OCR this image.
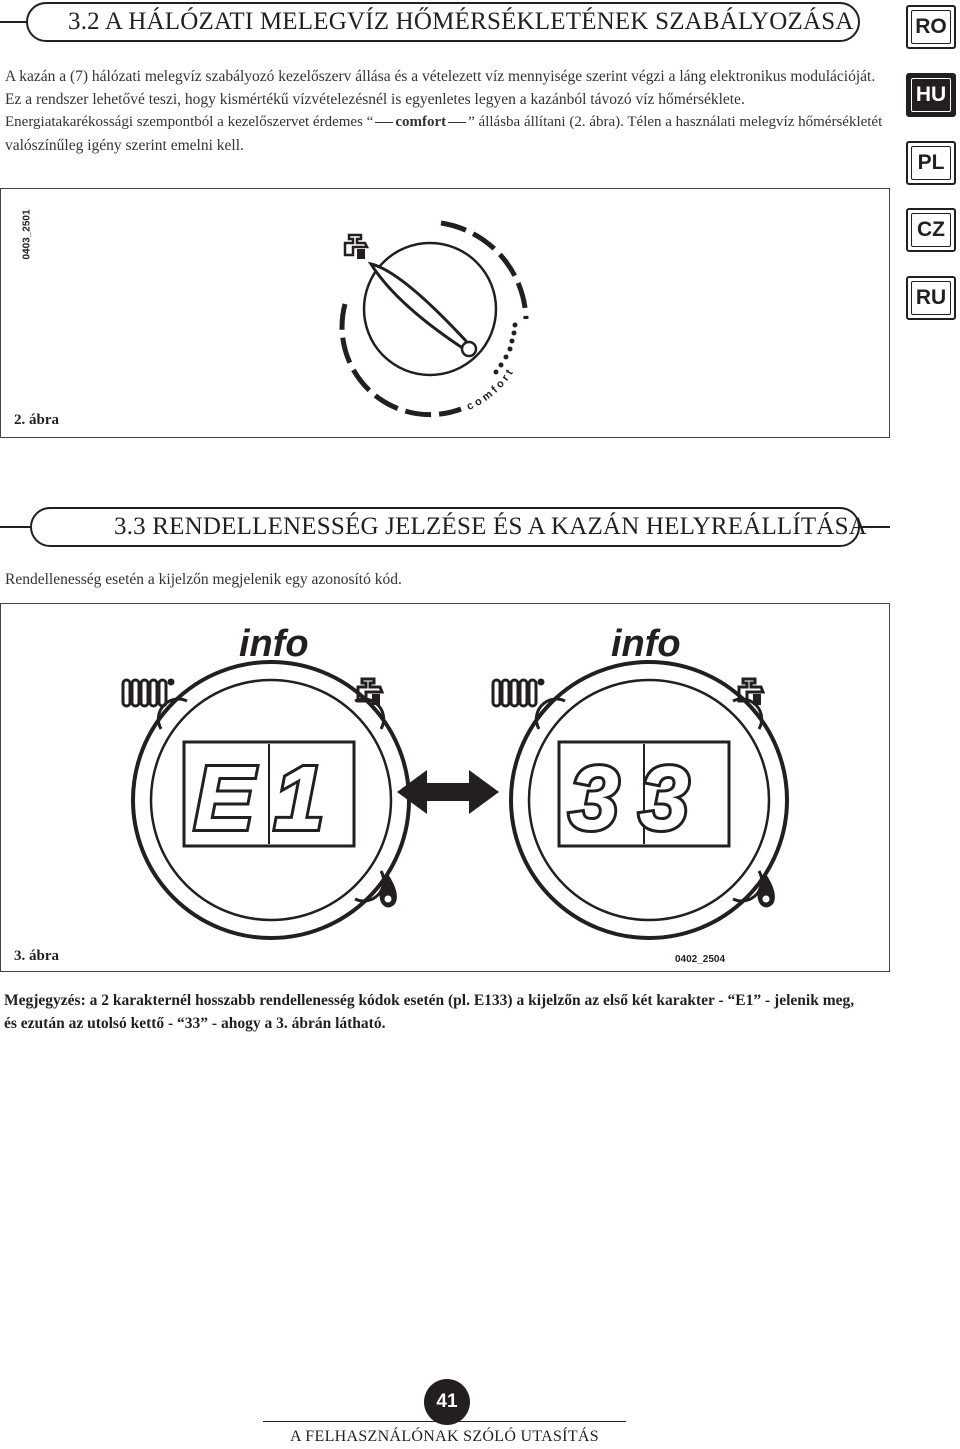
3.2 A HÁLÓZATI MELEGVÍZ HŐMÉRSÉKLETÉNEK SZABÁLYOZÁSA	RO
HU
PL
CZ
RU
A kazán a (7) hálózati melegvíz szabályozó kezelőszerv állása és a vételezett víz mennyisége szerint végzi a láng elektronikus modulációját.
Ez a rendszer lehetővé teszi, hogy kismértékű vízvételezésnél is egyenletes legyen a kazánból távozó víz hőmérséklete.
Energiatakarékossági szempontból a kezelőszervet érdemes “ comfort ” állásba állítani (2. ábra). Télen a használati melegvíz hőmérsékletét
valószínűleg igény szerint emelni kell.
0403_2501
2. ábra
comfort
3.3 RENDELLENESSÉG JELZÉSE ÉS A KAZÁN HELYREÁLLÍTÁSA
Rendellenesség esetén a kijelzőn megjelenik egy azonosító kód.
info
E1
info
33
3. ábra	0402_2504
Megjegyzés: a 2 karakternél hosszabb rendellenesség kódok esetén (pl. E133) a kijelzőn az első két karakter - “E1” - jelenik meg,
és ezután az utolsó kettő - “33” - ahogy a 3. ábrán látható.
41
A FELHASZNÁLÓNAK SZÓLÓ UTASÍTÁS
